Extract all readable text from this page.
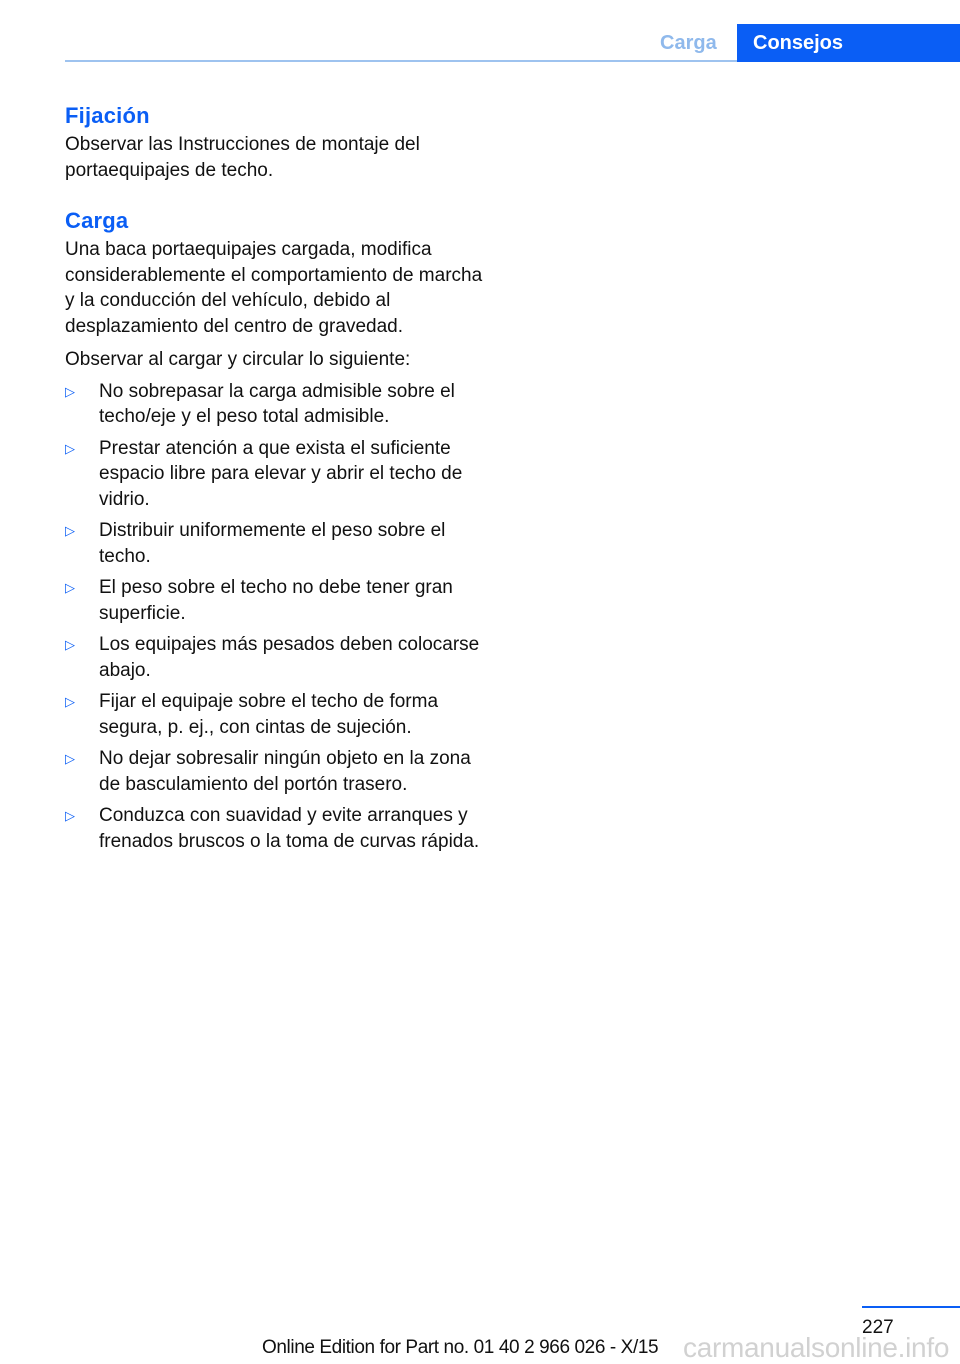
Carga	Consejos
Fijación

Observar las Instrucciones de montaje del portaequipajes de techo.

Carga

Una baca portaequipajes cargada, modifica considerablemente el comportamiento de marcha y la conducción del vehículo, debido al desplazamiento del centro de gravedad.

Observar al cargar y circular lo siguiente:

▷ No sobrepasar la carga admisible sobre el techo/eje y el peso total admisible.
▷ Prestar atención a que exista el suficiente espacio libre para elevar y abrir el techo de vidrio.
▷ Distribuir uniformemente el peso sobre el techo.
▷ El peso sobre el techo no debe tener gran superficie.
▷ Los equipajes más pesados deben colocarse abajo.
▷ Fijar el equipaje sobre el techo de forma segura, p. ej., con cintas de sujeción.
▷ No dejar sobresalir ningún objeto en la zona de basculamiento del portón trasero.
▷ Conduzca con suavidad y evite arranques y frenados bruscos o la toma de curvas rápida.
227
Online Edition for Part no. 01 40 2 966 026 - X/15 carmanualsonline.info
